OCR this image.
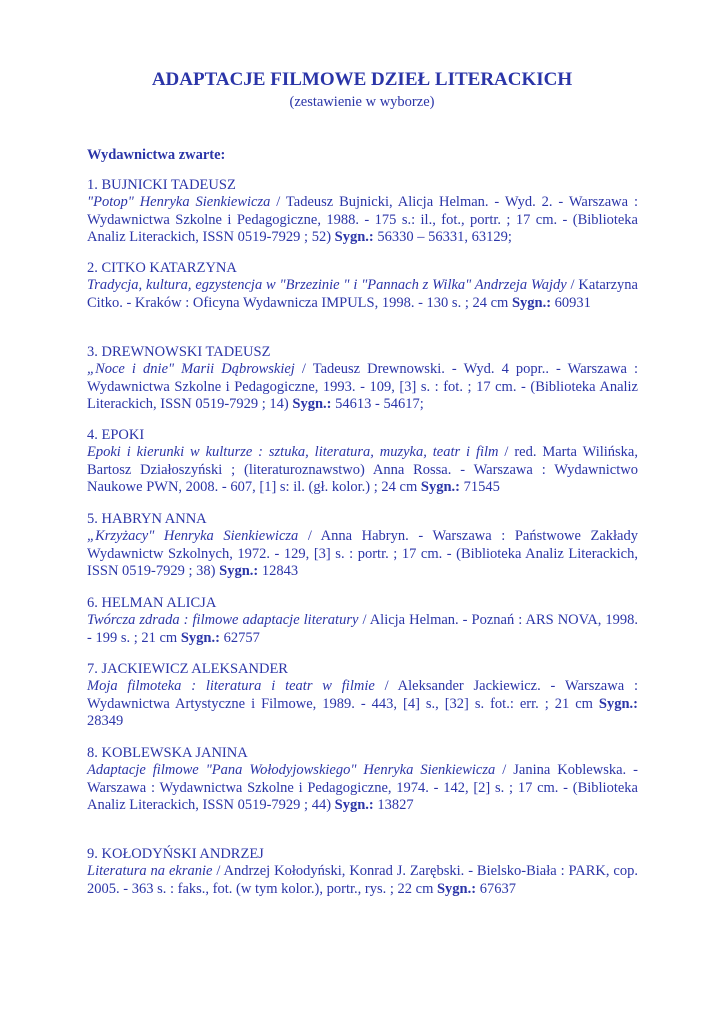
ADAPTACJE FILMOWE DZIEŁ LITERACKICH
(zestawienie w wyborze)
Wydawnictwa zwarte:
1. BUJNICKI TADEUSZ
"Potop" Henryka Sienkiewicza / Tadeusz Bujnicki, Alicja Helman. - Wyd. 2. - Warszawa : Wydawnictwa Szkolne i Pedagogiczne, 1988. - 175 s.: il., fot., portr. ; 17 cm. - (Biblioteka Analiz Literackich, ISSN 0519-7929 ; 52) Sygn.: 56330 – 56331, 63129;
2. CITKO KATARZYNA
Tradycja, kultura, egzystencja w "Brzezinie " i "Pannach z Wilka" Andrzeja Wajdy / Katarzyna Citko. - Kraków : Oficyna Wydawnicza IMPULS, 1998. - 130 s. ; 24 cm Sygn.: 60931
3. DREWNOWSKI TADEUSZ
„Noce i dnie" Marii Dąbrowskiej / Tadeusz Drewnowski. - Wyd. 4 popr.. - Warszawa : Wydawnictwa Szkolne i Pedagogiczne, 1993. - 109, [3] s. : fot. ; 17 cm. - (Biblioteka Analiz Literackich, ISSN 0519-7929 ; 14) Sygn.: 54613 - 54617;
4. EPOKI
Epoki i kierunki w kulturze : sztuka, literatura, muzyka, teatr i film / red. Marta Wilińska, Bartosz Działoszyński ; (literaturoznawstwo) Anna Rossa. - Warszawa : Wydawnictwo Naukowe PWN, 2008. - 607, [1] s: il. (gł. kolor.) ; 24 cm Sygn.: 71545
5. HABRYN ANNA
„Krzyżacy" Henryka Sienkiewicza / Anna Habryn. - Warszawa : Państwowe Zakłady Wydawnictw Szkolnych, 1972. - 129, [3] s. : portr. ; 17 cm. - (Biblioteka Analiz Literackich, ISSN 0519-7929 ; 38) Sygn.: 12843
6. HELMAN ALICJA
Twórcza zdrada : filmowe adaptacje literatury / Alicja Helman. - Poznań : ARS NOVA, 1998. - 199 s. ; 21 cm Sygn.: 62757
7. JACKIEWICZ ALEKSANDER
Moja filmoteka : literatura i teatr w filmie / Aleksander Jackiewicz. - Warszawa : Wydawnictwa Artystyczne i Filmowe, 1989. - 443, [4] s., [32] s. fot.: err. ; 21 cm Sygn.: 28349
8. KOBLEWSKA JANINA
Adaptacje filmowe "Pana Wołodyjowskiego" Henryka Sienkiewicza / Janina Koblewska. - Warszawa : Wydawnictwa Szkolne i Pedagogiczne, 1974. - 142, [2] s. ; 17 cm. - (Biblioteka Analiz Literackich, ISSN 0519-7929 ; 44) Sygn.: 13827
9. KOŁODYŃSKI ANDRZEJ
Literatura na ekranie / Andrzej Kołodyński, Konrad J. Zarębski. - Bielsko-Biała : PARK, cop. 2005. - 363 s. : faks., fot. (w tym kolor.), portr., rys. ; 22 cm Sygn.: 67637
